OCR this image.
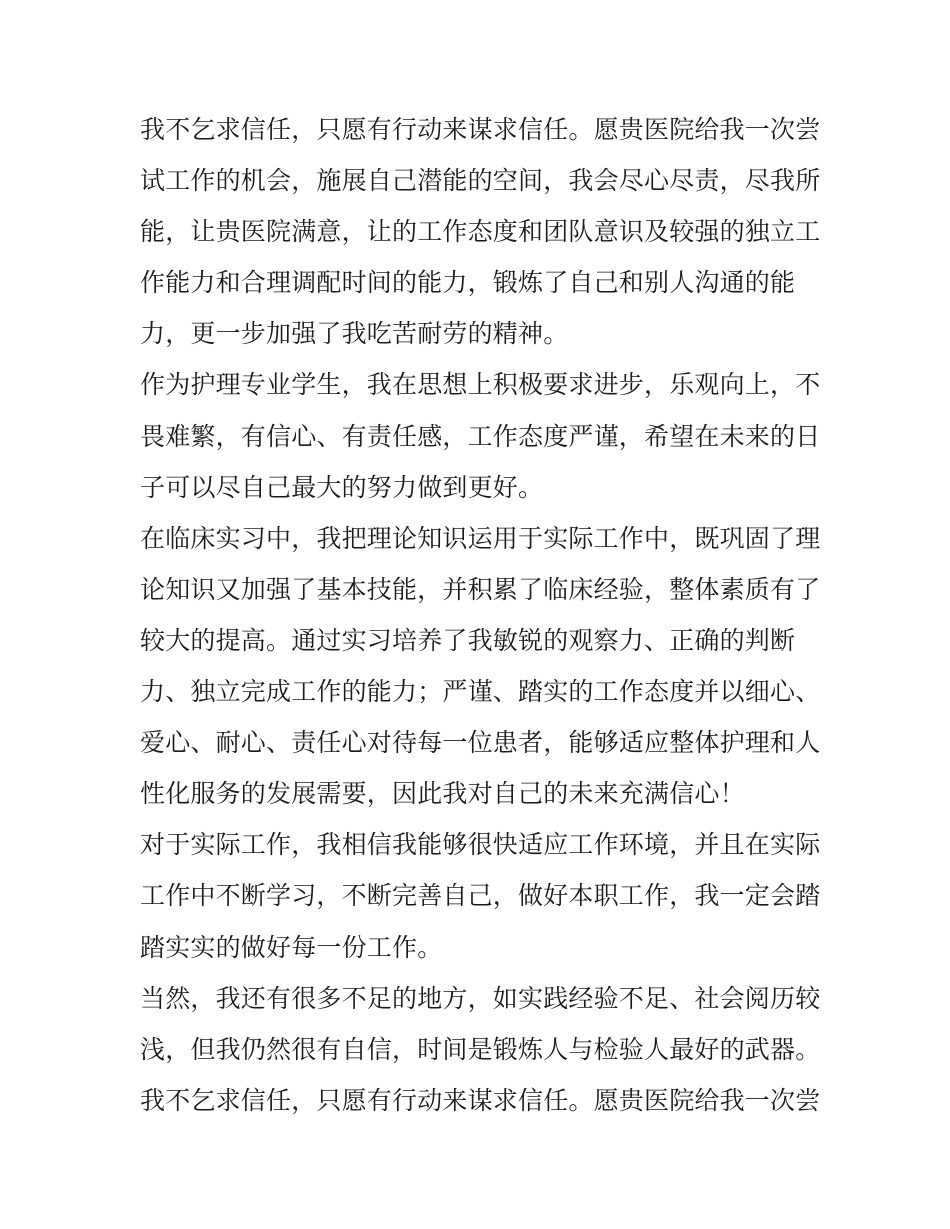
我不乞求信任，只愿有行动来谋求信任。愿贵医院给我一次尝
试工作的机会，施展自己潜能的空间，我会尽心尽责，尽我所
能，让贵医院满意，让的工作态度和团队意识及较强的独立工
作能力和合理调配时间的能力，锻炼了自己和别人沟通的能
力，更一步加强了我吃苦耐劳的精神。
作为护理专业学生，我在思想上积极要求进步，乐观向上，不
畏难繁，有信心、有责任感，工作态度严谨，希望在未来的日
子可以尽自己最大的努力做到更好。
在临床实习中，我把理论知识运用于实际工作中，既巩固了理
论知识又加强了基本技能，并积累了临床经验，整体素质有了
较大的提高。通过实习培养了我敏锐的观察力、正确的判断
力、独立完成工作的能力；严谨、踏实的工作态度并以细心、
爱心、耐心、责任心对待每一位患者，能够适应整体护理和人
性化服务的发展需要，因此我对自己的未来充满信心！
对于实际工作，我相信我能够很快适应工作环境，并且在实际
工作中不断学习，不断完善自己，做好本职工作，我一定会踏
踏实实的做好每一份工作。
当然，我还有很多不足的地方，如实践经验不足、社会阅历较
浅，但我仍然很有自信，时间是锻炼人与检验人最好的武器。
我不乞求信任，只愿有行动来谋求信任。愿贵医院给我一次尝
